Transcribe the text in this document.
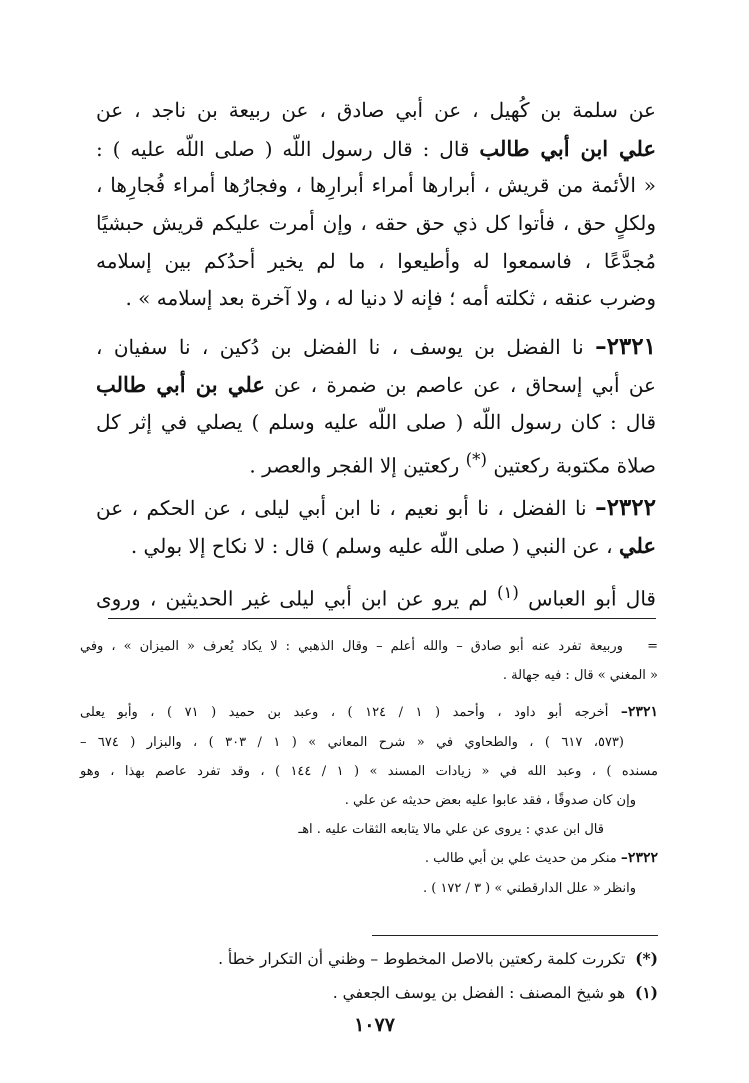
عن سلمة بن كُهيل ، عن أبي صادق ، عن ربيعة بن ناجد ، عن
علي ابن أبي طالب قال : قال رسول اللّه ( صلى اللّه عليه ) :
« الأئمة من قريش ، أبرارها أمراء أبرارِها ، وفجارُها أمراء فُجارِها ،
ولكلٍ حق ، فأتوا كل ذي حق حقه ، وإن أمرت عليكم قريش حبشيًا
مُجدَّعًا ، فاسمعوا له وأطيعوا ، ما لم يخير أحدُكم بين إسلامه
وضرب عنقه ، ثكلته أمه ؛ فإنه لا دنيا له ، ولا آخرة بعد إسلامه » .
٢٣٢١– نا الفضل بن يوسف ، نا الفضل بن دُكين ، نا سفيان ،
عن أبي إسحاق ، عن عاصم بن ضمرة ، عن علي بن أبي طالب
قال : كان رسول اللّه ( صلى اللّه عليه وسلم ) يصلي في إثر كل
صلاة مكتوبة ركعتين (*) ركعتين إلا الفجر والعصر .
٢٣٢٢– نا الفضل ، نا أبو نعيم ، نا ابن أبي ليلى ، عن الحكم ، عن
علي ، عن النبي ( صلى اللّه عليه وسلم ) قال : لا نكاح إلا بولي .
قال أبو العباس $^{(١)}$ لم يرو عن ابن أبي ليلى غير الحديثين ، وروى
=   وربيعة تفرد عنه أبو صادق – والله أعلم – وقال الذهبي : لا يكاد يُعرف « الميزان » ، وفي
« المغني » قال : فيه جهالة .
٢٣٢١– أخرجه أبو داود ، وأحمد ( ١ / ١٢٤ ) ، وعبد بن حميد ( ٧١ ) ، وأبو يعلى
(٥٧٣، ٦١٧ ) ، والطحاوي في « شرح المعاني » ( ١ / ٣٠٣ ) ، والبزار ( ٦٧٤ –
مسنده ) ، وعبد الله في « زيادات المسند » ( ١ / ١٤٤ ) ، وقد تفرد عاصم بهذا ، وهو
وإن كان صدوقًا ، فقد عابوا عليه بعض حديثه عن علي .
قال ابن عدي : يروى عن علي مالا يتابعه الثقات عليه . اهـ
٢٣٢٢– منكر من حديث علي بن أبي طالب .
وانظر « علل الدارقطني » ( ٣ / ١٧٢ ) .
(*)  تكررت كلمة ركعتين بالاصل المخطوط – وظني أن التكرار خطأ .
(١)  هو شيخ المصنف : الفضل بن يوسف الجعفي .
١٠٧٧
